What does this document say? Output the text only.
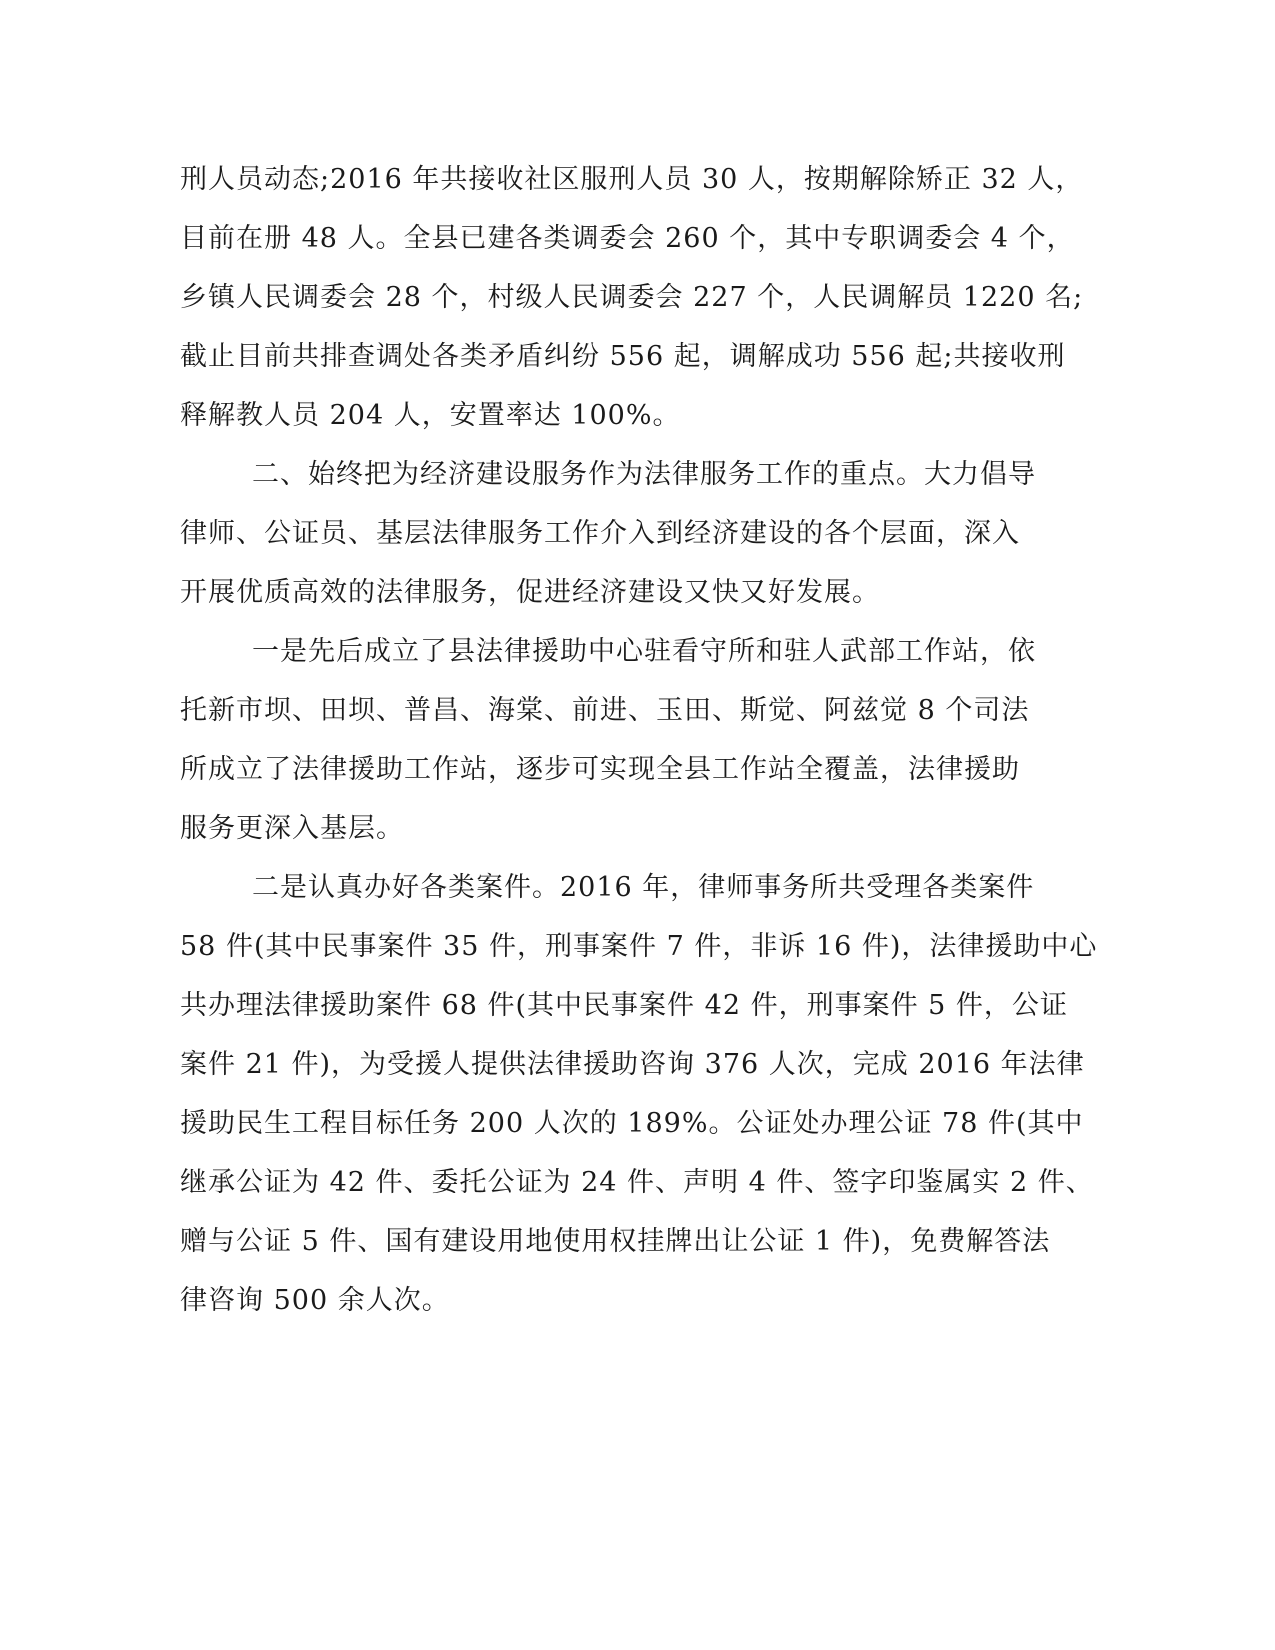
刑人员动态;2016 年共接收社区服刑人员 30 人，按期解除矫正 32 人，
目前在册 48 人。全县已建各类调委会 260 个，其中专职调委会 4 个，
乡镇人民调委会 28 个，村级人民调委会 227 个，人民调解员 1220 名;
截止目前共排查调处各类矛盾纠纷 556 起，调解成功 556 起;共接收刑
释解教人员 204 人，安置率达 100%。
二、始终把为经济建设服务作为法律服务工作的重点。大力倡导
律师、公证员、基层法律服务工作介入到经济建设的各个层面，深入
开展优质高效的法律服务，促进经济建设又快又好发展。
一是先后成立了县法律援助中心驻看守所和驻人武部工作站，依
托新市坝、田坝、普昌、海棠、前进、玉田、斯觉、阿兹觉 8 个司法
所成立了法律援助工作站，逐步可实现全县工作站全覆盖，法律援助
服务更深入基层。
二是认真办好各类案件。2016 年，律师事务所共受理各类案件
58 件(其中民事案件 35 件，刑事案件 7 件，非诉 16 件)，法律援助中心
共办理法律援助案件 68 件(其中民事案件 42 件，刑事案件 5 件，公证
案件 21 件)，为受援人提供法律援助咨询 376 人次，完成 2016 年法律
援助民生工程目标任务 200 人次的 189%。公证处办理公证 78 件(其中
继承公证为 42 件、委托公证为 24 件、声明 4 件、签字印鉴属实 2 件、
赠与公证 5 件、国有建设用地使用权挂牌出让公证 1 件)，免费解答法
律咨询 500 余人次。
